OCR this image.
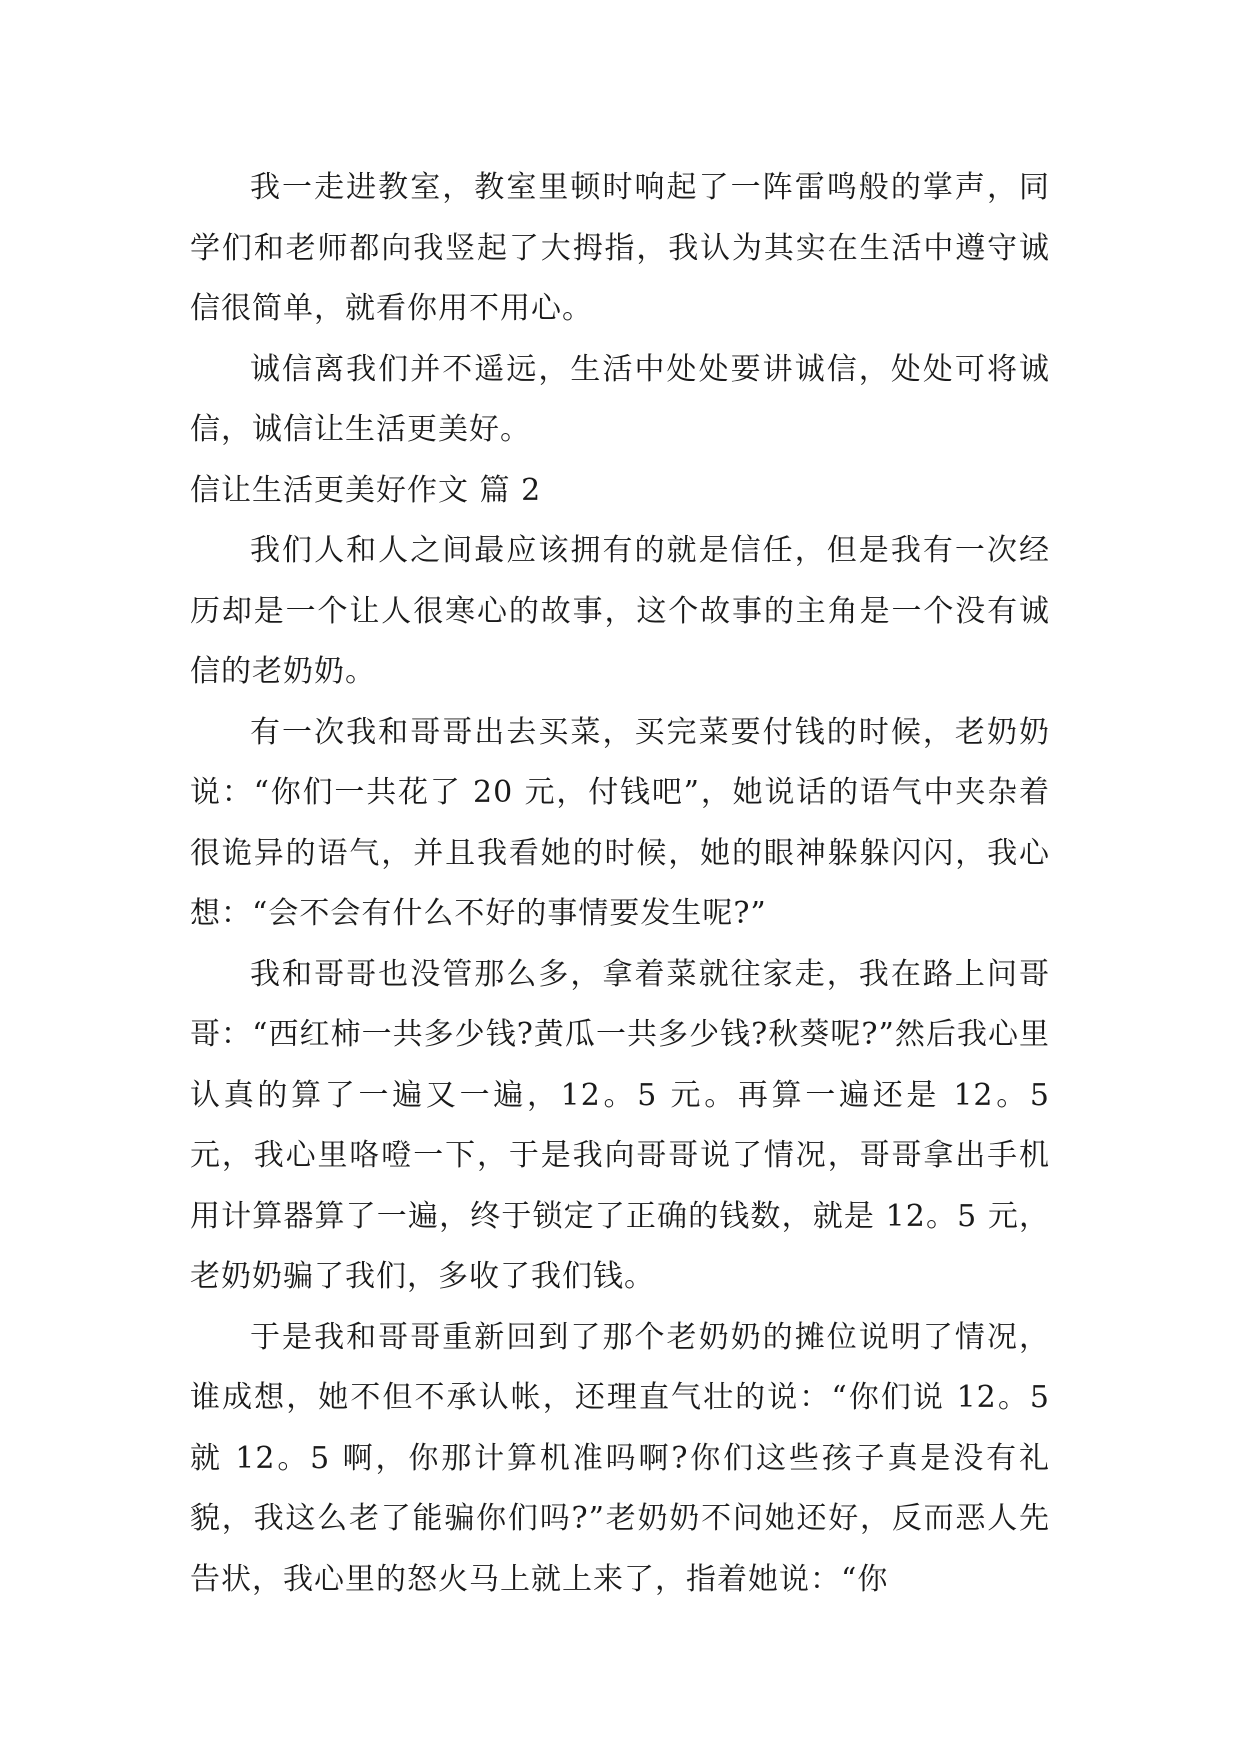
我一走进教室，教室里顿时响起了一阵雷鸣般的掌声，同学们和老师都向我竖起了大拇指，我认为其实在生活中遵守诚信很简单，就看你用不用心。

诚信离我们并不遥远，生活中处处要讲诚信，处处可将诚信，诚信让生活更美好。

信让生活更美好作文 篇 2

我们人和人之间最应该拥有的就是信任，但是我有一次经历却是一个让人很寒心的故事，这个故事的主角是一个没有诚信的老奶奶。

有一次我和哥哥出去买菜，买完菜要付钱的时候，老奶奶说：“你们一共花了 20 元，付钱吧”，她说话的语气中夹杂着很诡异的语气，并且我看她的时候，她的眼神躲躲闪闪，我心想：“会不会有什么不好的事情要发生呢?”

我和哥哥也没管那么多，拿着菜就往家走，我在路上问哥哥：“西红柿一共多少钱?黄瓜一共多少钱?秋葵呢?”然后我心里认真的算了一遍又一遍，12。5 元。再算一遍还是 12。5 元，我心里咯噔一下，于是我向哥哥说了情况，哥哥拿出手机用计算器算了一遍，终于锁定了正确的钱数，就是 12。5 元，老奶奶骗了我们，多收了我们钱。

于是我和哥哥重新回到了那个老奶奶的摊位说明了情况，谁成想，她不但不承认帐，还理直气壮的说：“你们说 12。5 就 12。5 啊，你那计算机准吗啊?你们这些孩子真是没有礼貌，我这么老了能骗你们吗?”老奶奶不问她还好，反而恶人先告状，我心里的怒火马上就上来了，指着她说：“你
